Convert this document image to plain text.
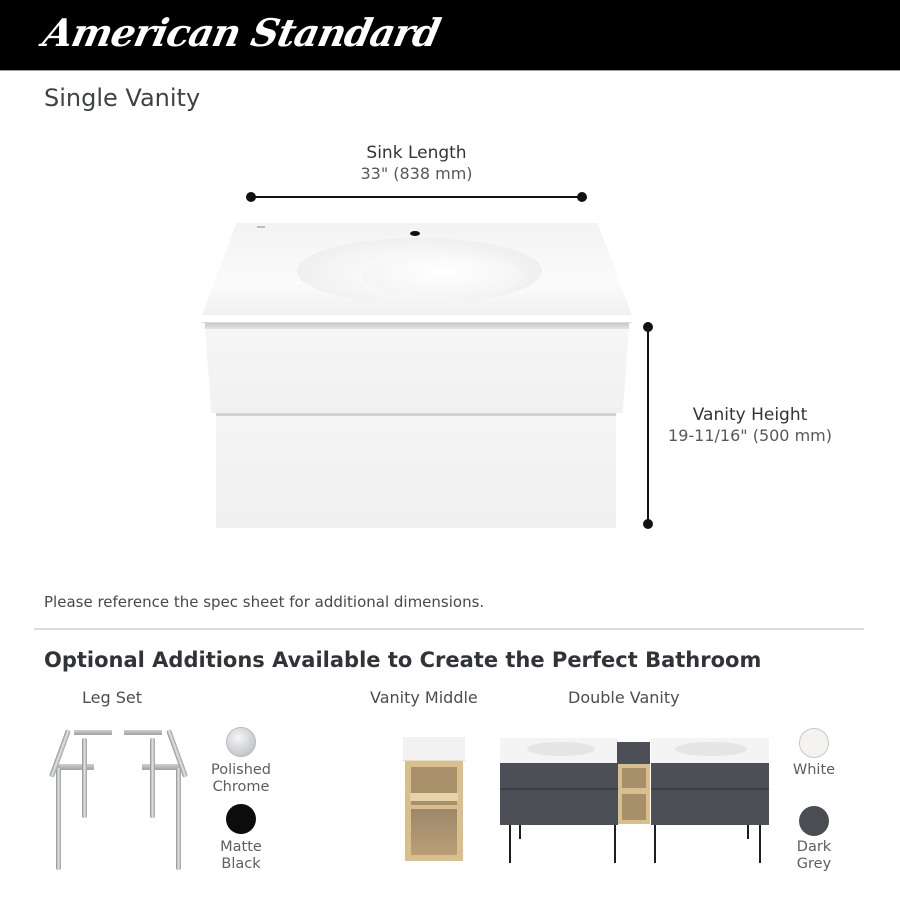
American Standard
Single Vanity
Sink Length
33" (838 mm)
Vanity Height
19-11/16" (500 mm)

Please reference the spec sheet for additional dimensions.

Optional Additions Available to Create the Perfect Bathroom
Leg Set	Vanity Middle	Double Vanity
Polished
Chrome
Matte
Black
White
Dark
Grey
